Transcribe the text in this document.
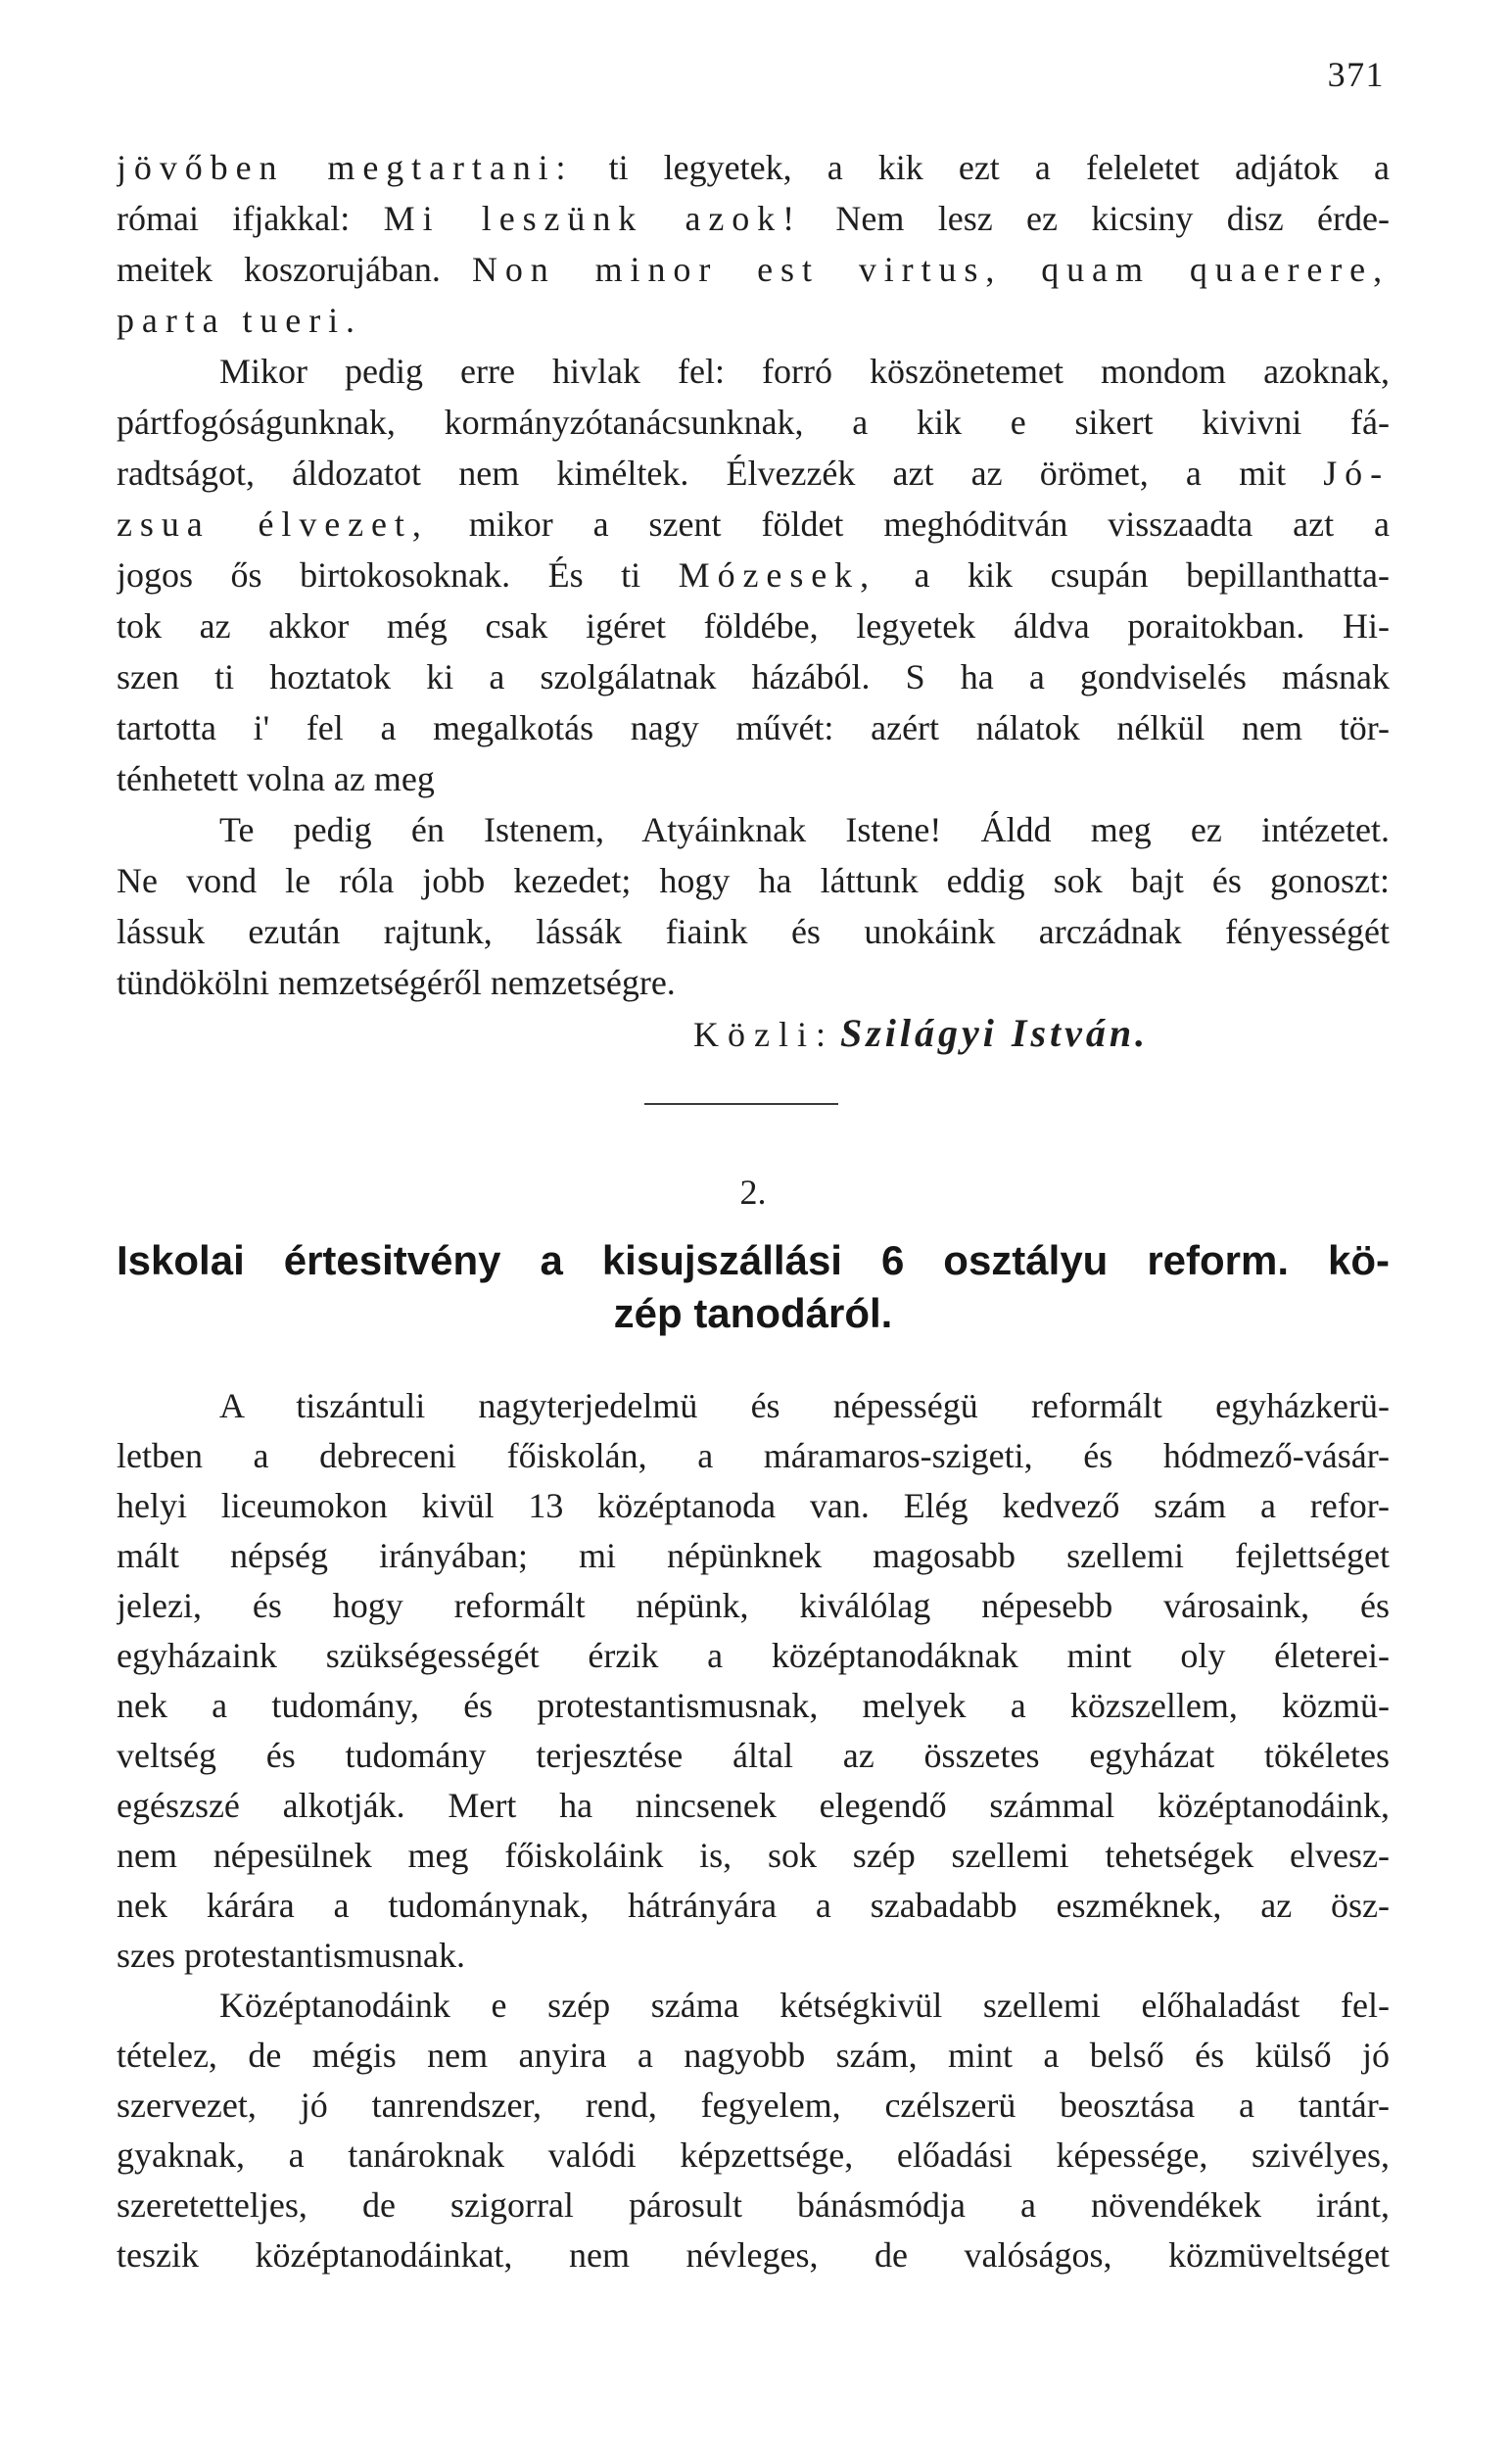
371
jövőben megtartani: ti legyetek, a kik ezt a feleletet adjátok a
római ifjakkal: Mi leszünk azok! Nem lesz ez kicsiny disz érde-
meitek koszorujában. Non minor est virtus, quam quaerere,
parta tueri.
Mikor pedig erre hivlak fel: forró köszönetemet mondom azoknak,
pártfogóságunknak, kormányzótanácsunknak, a kik e sikert kivivni fá-
radtságot, áldozatot nem kiméltek. Élvezzék azt az örömet, a mit Jó-
zsua élvezet, mikor a szent földet meghóditván visszaadta azt a
jogos ős birtokosoknak. És ti Mózesek, a kik csupán bepillanthatta-
tok az akkor még csak igéret földébe, legyetek áldva poraitokban. Hi-
szen ti hoztatok ki a szolgálatnak házából. S ha a gondviselés másnak
tartotta i' fel a megalkotás nagy művét: azért nálatok nélkül nem tör-
ténhetett volna az meg
Te pedig én Istenem, Atyáinknak Istene! Áldd meg ez intézetet.
Ne vond le róla jobb kezedet; hogy ha láttunk eddig sok bajt és gonoszt:
lássuk ezután rajtunk, lássák fiaink és unokáink arczádnak fényességét
tündökölni nemzetségéről nemzetségre.
Közli: Szilágyi István.
2.
Iskolai értesitvény a kisujszállási 6 osztályu reform. kö-
zép tanodáról.
A tiszántuli nagyterjedelmü és népességü reformált egyházkerü-
letben a debreceni főiskolán, a máramaros-szigeti, és hódmező-vásár-
helyi liceumokon kivül 13 középtanoda van. Elég kedvező szám a refor-
mált népség irányában; mi népünknek magosabb szellemi fejlettséget
jelezi, és hogy reformált népünk, kiválólag népesebb városaink, és
egyházaink szükségességét érzik a középtanodáknak mint oly életerei-
nek a tudomány, és protestantismusnak, melyek a közszellem, közmü-
veltség és tudomány terjesztése által az összetes egyházat tökéletes
egészszé alkotják. Mert ha nincsenek elegendő számmal középtanodáink,
nem népesülnek meg főiskoláink is, sok szép szellemi tehetségek elvesz-
nek kárára a tudománynak, hátrányára a szabadabb eszméknek, az ösz-
szes protestantismusnak.
Középtanodáink e szép száma kétségkivül szellemi előhaladást fel-
tételez, de mégis nem anyira a nagyobb szám, mint a belső és külső jó
szervezet, jó tanrendszer, rend, fegyelem, czélszerü beosztása a tantár-
gyaknak, a tanároknak valódi képzettsége, előadási képessége, szivélyes,
szeretetteljes, de szigorral párosult bánásmódja a növendékek iránt,
teszik középtanodáinkat, nem névleges, de valóságos, közmüveltséget
